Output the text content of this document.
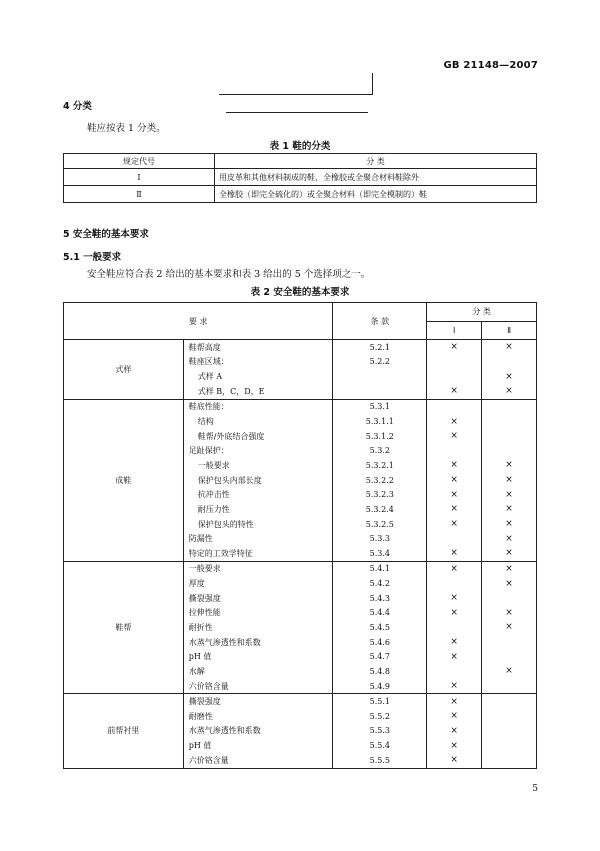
GB 21148—2007
4 分类
鞋应按表 1 分类。
表 1 鞋的分类
规定代号	分 类
Ⅰ	用皮革和其他材料制成的鞋，全橡胶或全聚合材料鞋除外
Ⅱ	全橡胶（即完全硫化的）或全聚合材料（即完全模制的）鞋
5 安全鞋的基本要求
5.1 一般要求
安全鞋应符合表 2 给出的基本要求和表 3 给出的 5 个选择项之一。
表 2 安全鞋的基本要求
要 求		条 款	分 类	
			Ⅰ	Ⅱ
式样	鞋帮高度	5.2.1	×	×
	鞋座区域：	5.2.2		
	式样 A			×
	式样 B，C，D，E		×	×
成鞋	鞋底性能：	5.3.1		
	结构	5.3.1.1	×	
	鞋帮/外底结合强度	5.3.1.2	×	
	足趾保护：	5.3.2		
	一般要求	5.3.2.1	×	×
	保护包头内部长度	5.3.2.2	×	×
	抗冲击性	5.3.2.3	×	×
	耐压力性	5.3.2.4	×	×
	保护包头的特性	5.3.2.5	×	×
	防漏性	5.3.3		×
	特定的工效学特征	5.3.4	×	×
鞋帮	一般要求	5.4.1	×	×
	厚度	5.4.2		×
	撕裂强度	5.4.3	×	
	拉伸性能	5.4.4	×	×
	耐折性	5.4.5		×
	水蒸气渗透性和系数	5.4.6	×	
	pH 值	5.4.7	×	
	水解	5.4.8		×
	六价铬含量	5.4.9	×	
前帮衬里	撕裂强度	5.5.1	×	
	耐磨性	5.5.2	×	
	水蒸气渗透性和系数	5.5.3	×	
	pH 值	5.5.4	×	
	六价铬含量	5.5.5	×	
5
